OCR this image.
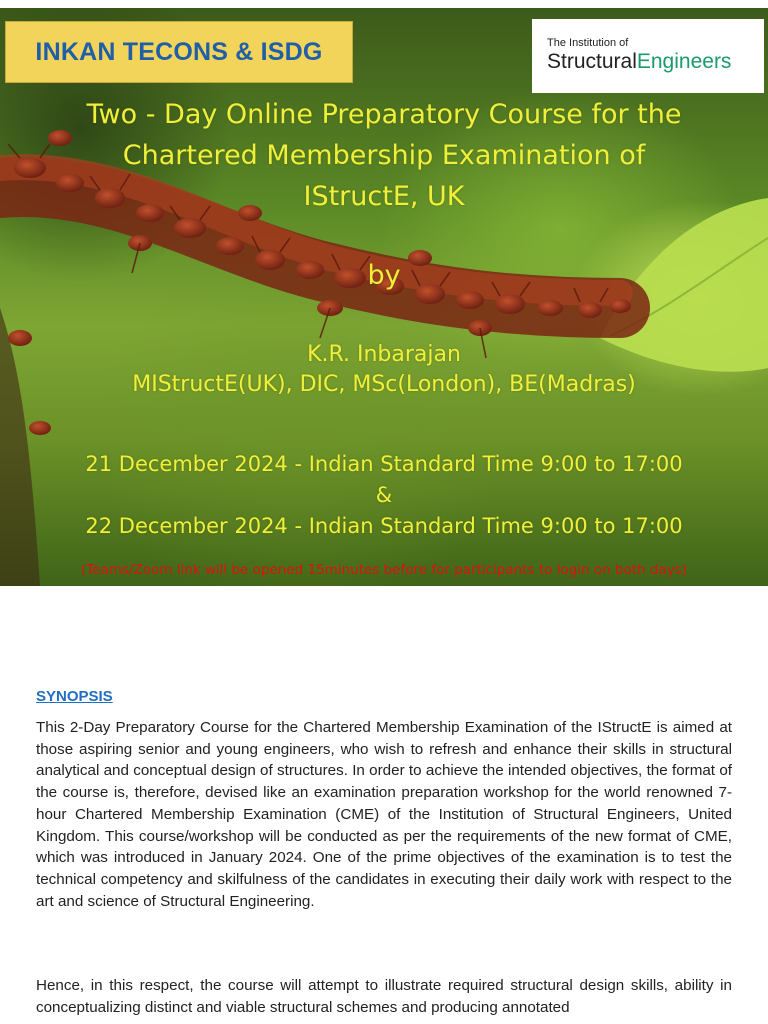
INKAN TECONS & ISDG	The Institution of
StructuralEngineers
Two - Day Online Preparatory Course for the
Chartered Membership Examination of
IStructE, UK
by
K.R. Inbarajan
MIStructE(UK), DIC, MSc(London), BE(Madras)
21 December 2024 - Indian Standard Time 9:00 to 17:00
&
22 December 2024 - Indian Standard Time 9:00 to 17:00
(Teams/Zoom link will be opened 15minutes before for participants to login on both days)
SYNOPSIS

This 2-Day Preparatory Course for the Chartered Membership Examination of the IStructE is aimed at those aspiring senior and young engineers, who wish to refresh and enhance their skills in structural analytical and conceptual design of structures. In order to achieve the intended objectives, the format of the course is, therefore, devised like an examination preparation workshop for the world renowned 7-hour Chartered Membership Examination (CME) of the Institution of Structural Engineers, United Kingdom. This course/workshop will be conducted as per the requirements of the new format of CME, which was introduced in January 2024. One of the prime objectives of the examination is to test the technical competency and skilfulness of the candidates in executing their daily work with respect to the art and science of Structural Engineering.

Hence, in this respect, the course will attempt to illustrate required structural design skills, ability in conceptualizing distinct and viable structural schemes and producing annotated
